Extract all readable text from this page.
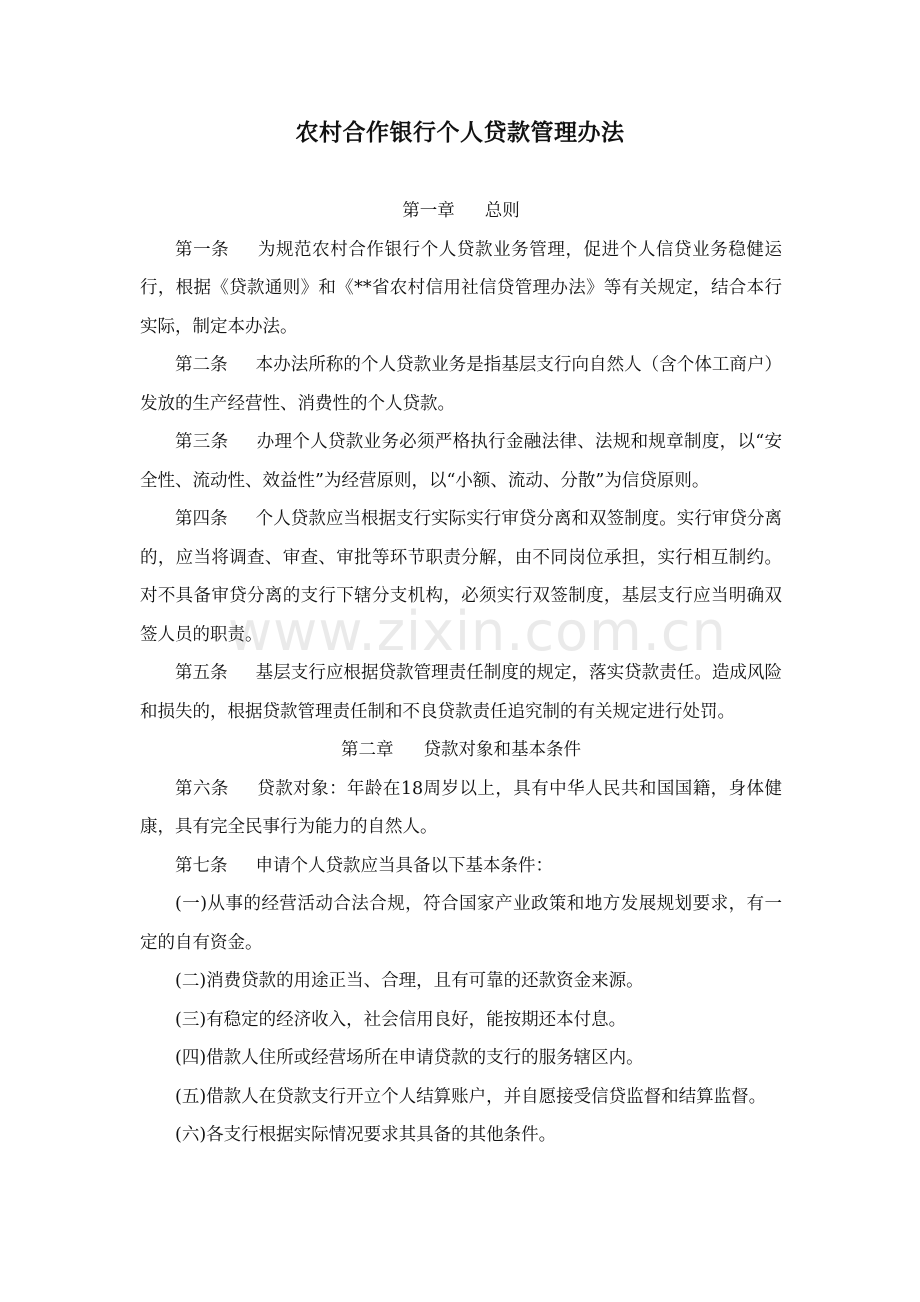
农村合作银行个人贷款管理办法

第一章 总则

第一条 为规范农村合作银行个人贷款业务管理，促进个人信贷业务稳健运行，根据《贷款通则》和《**省农村信用社信贷管理办法》等有关规定，结合本行实际，制定本办法。

第二条 本办法所称的个人贷款业务是指基层支行向自然人（含个体工商户）发放的生产经营性、消费性的个人贷款。

第三条 办理个人贷款业务必须严格执行金融法律、法规和规章制度，以“安全性、流动性、效益性”为经营原则，以“小额、流动、分散”为信贷原则。

第四条 个人贷款应当根据支行实际实行审贷分离和双签制度。实行审贷分离的，应当将调查、审查、审批等环节职责分解，由不同岗位承担，实行相互制约。对不具备审贷分离的支行下辖分支机构，必须实行双签制度，基层支行应当明确双签人员的职责。

第五条 基层支行应根据贷款管理责任制度的规定，落实贷款责任。造成风险和损失的，根据贷款管理责任制和不良贷款责任追究制的有关规定进行处罚。

第二章 贷款对象和基本条件

第六条 贷款对象：年龄在18周岁以上，具有中华人民共和国国籍，身体健康，具有完全民事行为能力的自然人。

第七条 申请个人贷款应当具备以下基本条件：

(一)从事的经营活动合法合规，符合国家产业政策和地方发展规划要求，有一定的自有资金。

(二)消费贷款的用途正当、合理，且有可靠的还款资金来源。

(三)有稳定的经济收入，社会信用良好，能按期还本付息。

(四)借款人住所或经营场所在申请贷款的支行的服务辖区内。

(五)借款人在贷款支行开立个人结算账户，并自愿接受信贷监督和结算监督。

(六)各支行根据实际情况要求其具备的其他条件。

www.zixin.com.cn
